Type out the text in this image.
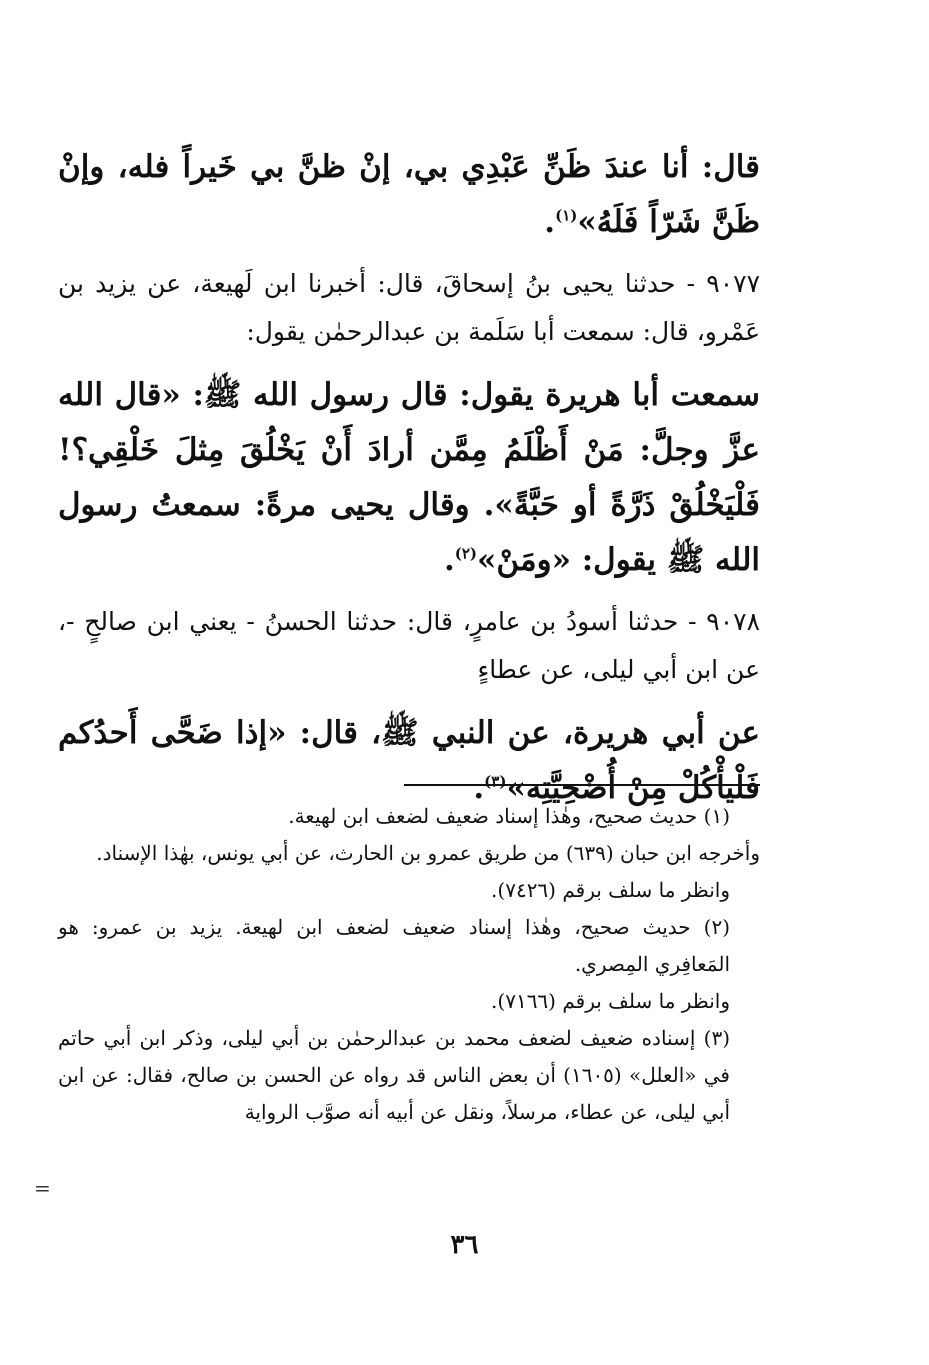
قال: أنا عندَ ظَنِّ عَبْدِي بي، إنْ ظنَّ بي خَيراً فله، وإنْ ظَنَّ شَرّاً فَلَهُ»$^{(١)}$.

٩٠٧٧ - حدثنا يحيى بنُ إسحاقَ، قال: أخبرنا ابن لَهيعة، عن يزيد بن عَمْرو، قال: سمعت أبا سَلَمة بن عبدالرحمٰن يقول:

سمعت أبا هريرة يقول: قال رسول الله ﷺ: «قال الله عزَّ وجلَّ: مَنْ أَظْلَمُ مِمَّن أرادَ أَنْ يَخْلُقَ مِثلَ خَلْقِي؟! فَلْيَخْلُقْ ذَرَّةً أو حَبَّةً». وقال يحيى مرةً: سمعتُ رسول الله ﷺ يقول: «ومَنْ»$^{(٢)}$.

٩٠٧٨ - حدثنا أسودُ بن عامرٍ، قال: حدثنا الحسنُ - يعني ابن صالحٍ -، عن ابن أبي ليلى، عن عطاءٍ

عن أبي هريرة، عن النبي ﷺ، قال: «إذا ضَحَّى أَحدُكم فَلْيأْكُلْ مِنْ أُضْحِيَّتِه»$^{(٣)}$.

(١) حديث صحيح، وهٰذا إسناد ضعيف لضعف ابن لهيعة.

وأخرجه ابن حبان (٦٣٩) من طريق عمرو بن الحارث، عن أبي يونس، بهٰذا الإسناد.

وانظر ما سلف برقم (٧٤٢٦).

(٢) حديث صحيح، وهٰذا إسناد ضعيف لضعف ابن لهيعة. يزيد بن عمرو: هو المَعافِري المِصري.

وانظر ما سلف برقم (٧١٦٦).

(٣) إسناده ضعيف لضعف محمد بن عبدالرحمٰن بن أبي ليلى، وذكر ابن أبي حاتم في «العلل» (١٦٠٥) أن بعض الناس قد رواه عن الحسن بن صالح، فقال: عن ابن أبي ليلى، عن عطاء، مرسلاً، ونقل عن أبيه أنه صوَّب الرواية

=
٣٦
